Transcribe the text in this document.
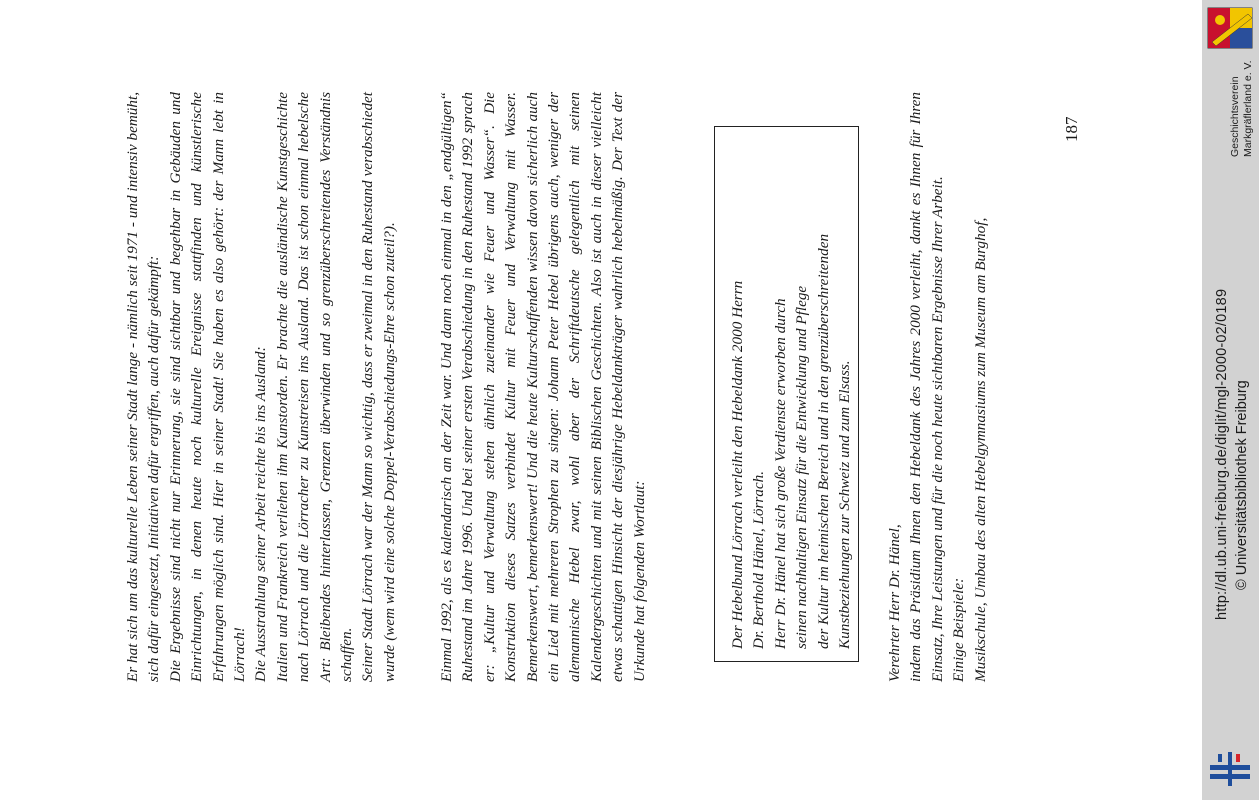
Er hat sich um das kulturelle Leben seiner Stadt lange - nämlich seit 1971 - und intensiv bemüht, sich dafür eingesetzt, Initiativen dafür ergriffen, auch dafür gekämpft: Die Ergebnisse sind nicht nur Erinnerung, sie sind sichtbar und begehbar in Gebäuden und Einrichtungen, in denen heute noch kulturelle Ereignisse stattfinden und künstlerische Erfahrungen möglich sind. Hier in seiner Stadt! Sie haben es also gehört: der Mann lebt in Lörrach! Die Ausstrahlung seiner Arbeit reichte bis ins Ausland: Italien und Frankreich verliehen ihm Kunstorden. Er brachte die ausländische Kunstgeschichte nach Lörrach und die Lörracher zu Kunstreisen ins Ausland. Das ist schon einmal hebelsche Art: Bleibendes hinterlassen, Grenzen überwinden und so grenzüberschreitendes Verständnis schaffen. Seiner Stadt Lörrach war der Mann so wichtig, dass er zweimal in den Ruhestand verabschiedet wurde (wem wird eine solche Doppel-Verabschiedungs-Ehre schon zuteil?).	Einmal 1992, als es kalendarisch an der Zeit war. Und dann noch einmal in den „endgültigen“ Ruhestand im Jahre 1996. Und bei seiner ersten Verabschiedung in den Ruhestand 1992 sprach er: „Kultur und Verwaltung stehen ähnlich zueinander wie Feuer und Wasser“. Die Konstruktion dieses Satzes verbindet Kultur mit Feuer und Verwaltung mit Wasser. Bemerkenswert, bemerkenswert! Und die heute Kulturschaffenden wissen davon sicherlich auch ein Lied mit mehreren Strophen zu singen: Johann Peter Hebel übrigens auch, weniger der alemannische Hebel zwar, wohl aber der Schriftdeutsche gelegentlich mit seinen Kalendergeschichten und mit seinen Biblischen Geschichten. Also ist auch in dieser vielleicht etwas schattigen Hinsicht der diesjährige Hebeldankträger wahrlich hebelmäßig. Der Text der Urkunde hat folgenden Wortlaut:	Der Hebelbund Lörrach verleiht den Hebeldank 2000 Herrn Dr. Berthold Hänel, Lörrach. Herr Dr. Hänel hat sich große Verdienste erworben durch seinen nachhaltigen Einsatz für die Entwicklung und Pflege der Kultur im heimischen Bereich und in den grenzüberschreitenden Kunstbeziehungen zur Schweiz und zum Elsass. Verehrter Herr Dr. Hänel, indem das Präsidium Ihnen den Hebeldank des Jahres 2000 verleiht, dankt es Ihnen für Ihren Einsatz, Ihre Leistungen und für die noch heute sichtbaren Ergebnisse Ihrer Arbeit. Einige Beispiele: Musikschule, Umbau des alten Hebelgymnasiums zum Museum am Burghof,

187	Geschichtsverein Markgräflerland e. V.
http://dl.ub.uni-freiburg.de/diglit/mgl-2000-02/0189 © Universitätsbibliothek Freiburg
